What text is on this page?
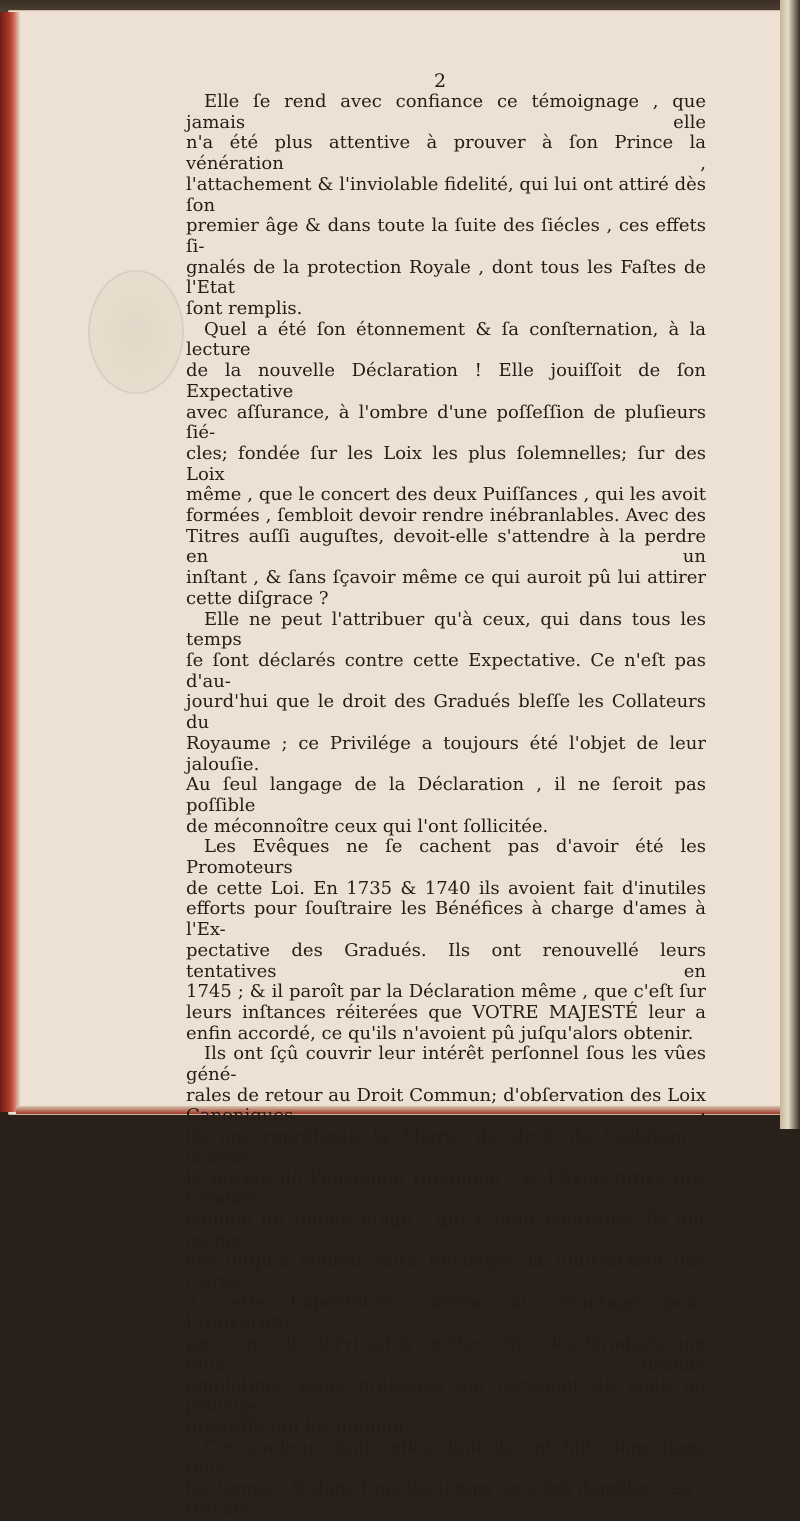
2

Elle ſe rend avec confiance ce témoignage , que jamais elle
n'a été plus attentive à prouver à ſon Prince la vénération ,
l'attachement & l'inviolable fidelité, qui lui ont attiré dès ſon
premier âge & dans toute la ſuite des ſiécles , ces effets ſi-
gnalés de la protection Royale , dont tous les Faſtes de l'Etat
ſont remplis.

Quel a été ſon étonnement & ſa conſternation, à la lecture
de la nouvelle Déclaration ! Elle jouiſſoit de ſon Expectative
avec aſſurance, à l'ombre d'une poſſeſſion de pluſieurs ſié-
cles; fondée ſur les Loix les plus ſolemnelles; ſur des Loix
même , que le concert des deux Puiſſances , qui les avoit
formées , ſembloit devoir rendre inébranlables. Avec des
Titres auſſi auguſtes, devoit-elle s'attendre à la perdre en un
inſtant , & ſans ſçavoir même ce qui auroit pû lui attirer
cette diſgrace ?

Elle ne peut l'attribuer qu'à ceux, qui dans tous les temps
ſe ſont déclarés contre cette Expectative. Ce n'eſt pas d'au-
jourd'hui que le droit des Gradués bleſſe les Collateurs du
Royaume ; ce Privilége a toujours été l'objet de leur jalouſie.
Au ſeul langage de la Déclaration , il ne ſeroit pas poſſible
de méconnoître ceux qui l'ont ſollicitée.

Les Evêques ne ſe cachent pas d'avoir été les Promoteurs
de cette Loi. En 1735 & 1740 ils avoient fait d'inutiles
efforts pour ſouſtraire les Bénéfices à charge d'ames à l'Ex-
pectative des Gradués. Ils ont renouvellé leurs tentatives en
1745 ; & il paroît par la Déclaration même , que c'eſt ſur
leurs inſtances réiterées que VOTRE MAJESTÉ leur a
enfin accordé, ce qu'ils n'avoient pû juſqu'alors obtenir.

Ils ont ſçû couvrir leur intérêt perſonnel ſous les vûes géné-
rales de retour au Droit Commun; d'obſervation des Loix Canoniques :
ils ont repréſenté la liberté du droit de Collation , comme
la pureté de l'ancienne Diſcipline , & l'Expectative des Gradués
comme un ſimple uſage , qui y étoit contraire. Ils ont même
été juſqu'à vouloir faire enviſager la ſouſtraction des Cures
à cette Expectative comme un avantage pour l'Univerſité ,
parce qu'elle ſerviroit à exciter entre les Gradués une plus grande
émulation. Vains prétextes qui ſervoient de voile au principe
intéreſſé qui les animoit.

Ces couleurs ſont celles dont ils ont fait uſage dans tous
les temps ; & dans tous les temps on a ſçû démêler , au travers
